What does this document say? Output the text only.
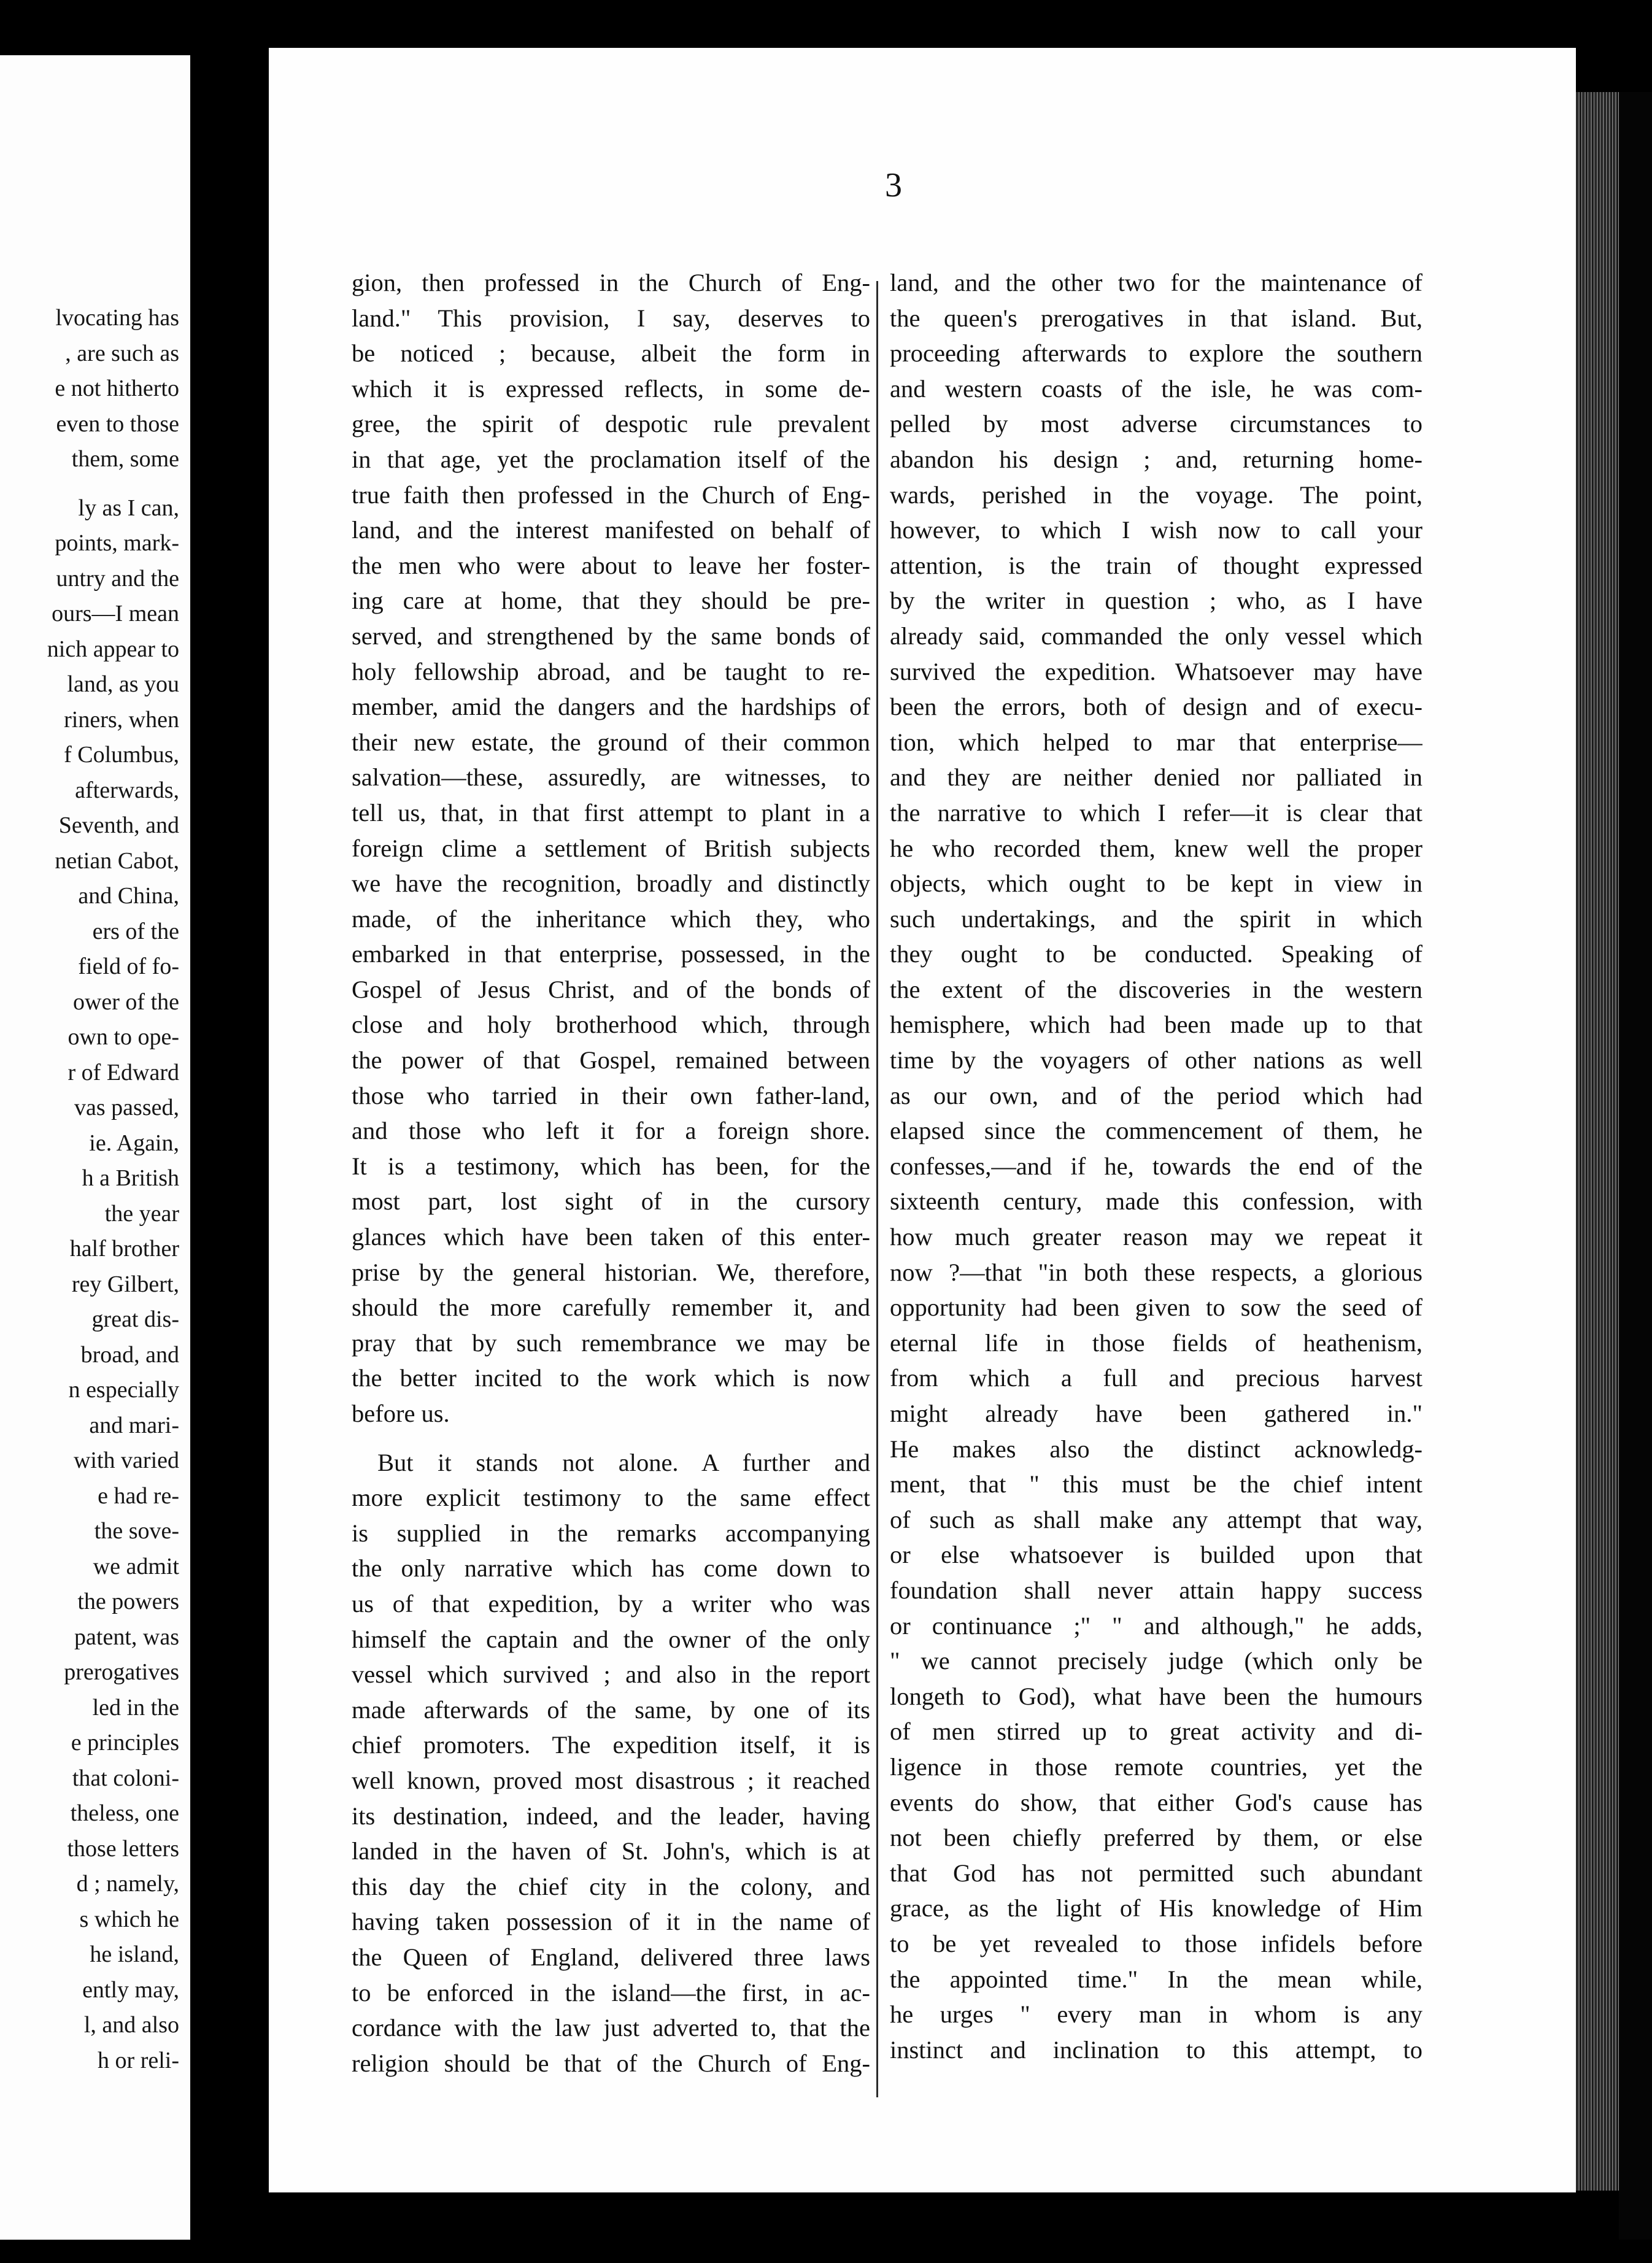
lvocating has
, are such as
e not hitherto
even to those
them, some
ly as I can,
points, mark-
untry and the
ours—I mean
nich appear to
land, as you
riners, when
f Columbus,
afterwards,
Seventh, and
netian Cabot,
and China,
ers of the
field of fo-
ower of the
own to ope-
r of Edward
vas passed,
ie. Again,
h a British
the year
half brother
rey Gilbert,
great dis-
broad, and
n especially
and mari-
with varied
e had re-
the sove-
we admit
the powers
patent, was
prerogatives
led in the
e principles
that coloni-
theless, one
those letters
d ; namely,
s which he
he island,
ently may,
l, and also
h or reli-
3
gion, then professed in the Church of Eng-
land." This provision, I say, deserves to
be noticed ; because, albeit the form in
which it is expressed reflects, in some de-
gree, the spirit of despotic rule prevalent
in that age, yet the proclamation itself of the
true faith then professed in the Church of Eng-
land, and the interest manifested on behalf of
the men who were about to leave her foster-
ing care at home, that they should be pre-
served, and strengthened by the same bonds of
holy fellowship abroad, and be taught to re-
member, amid the dangers and the hardships of
their new estate, the ground of their common
salvation—these, assuredly, are witnesses, to
tell us, that, in that first attempt to plant in a
foreign clime a settlement of British subjects
we have the recognition, broadly and distinctly
made, of the inheritance which they, who
embarked in that enterprise, possessed, in the
Gospel of Jesus Christ, and of the bonds of
close and holy brotherhood which, through
the power of that Gospel, remained between
those who tarried in their own father-land,
and those who left it for a foreign shore.
It is a testimony, which has been, for the
most part, lost sight of in the cursory
glances which have been taken of this enter-
prise by the general historian. We, therefore,
should the more carefully remember it, and
pray that by such remembrance we may be
the better incited to the work which is now
before us.
But it stands not alone. A further and
more explicit testimony to the same effect
is supplied in the remarks accompanying
the only narrative which has come down to
us of that expedition, by a writer who was
himself the captain and the owner of the only
vessel which survived ; and also in the report
made afterwards of the same, by one of its
chief promoters. The expedition itself, it is
well known, proved most disastrous ; it reached
its destination, indeed, and the leader, having
landed in the haven of St. John's, which is at
this day the chief city in the colony, and
having taken possession of it in the name of
the Queen of England, delivered three laws
to be enforced in the island—the first, in ac-
cordance with the law just adverted to, that the
religion should be that of the Church of Eng-
land, and the other two for the maintenance of
the queen's prerogatives in that island. But,
proceeding afterwards to explore the southern
and western coasts of the isle, he was com-
pelled by most adverse circumstances to
abandon his design ; and, returning home-
wards, perished in the voyage. The point,
however, to which I wish now to call your
attention, is the train of thought expressed
by the writer in question ; who, as I have
already said, commanded the only vessel which
survived the expedition. Whatsoever may have
been the errors, both of design and of execu-
tion, which helped to mar that enterprise—
and they are neither denied nor palliated in
the narrative to which I refer—it is clear that
he who recorded them, knew well the proper
objects, which ought to be kept in view in
such undertakings, and the spirit in which
they ought to be conducted. Speaking of
the extent of the discoveries in the western
hemisphere, which had been made up to that
time by the voyagers of other nations as well
as our own, and of the period which had
elapsed since the commencement of them, he
confesses,—and if he, towards the end of the
sixteenth century, made this confession, with
how much greater reason may we repeat it
now ?—that "in both these respects, a glorious
opportunity had been given to sow the seed of
eternal life in those fields of heathenism,
from which a full and precious harvest
might already have been gathered in."
He makes also the distinct acknowledg-
ment, that " this must be the chief intent
of such as shall make any attempt that way,
or else whatsoever is builded upon that
foundation shall never attain happy success
or continuance ;" " and although," he adds,
" we cannot precisely judge (which only be
longeth to God), what have been the humours
of men stirred up to great activity and di-
ligence in those remote countries, yet the
events do show, that either God's cause has
not been chiefly preferred by them, or else
that God has not permitted such abundant
grace, as the light of His knowledge of Him
to be yet revealed to those infidels before
the appointed time." In the mean while,
he urges " every man in whom is any
instinct and inclination to this attempt, to
